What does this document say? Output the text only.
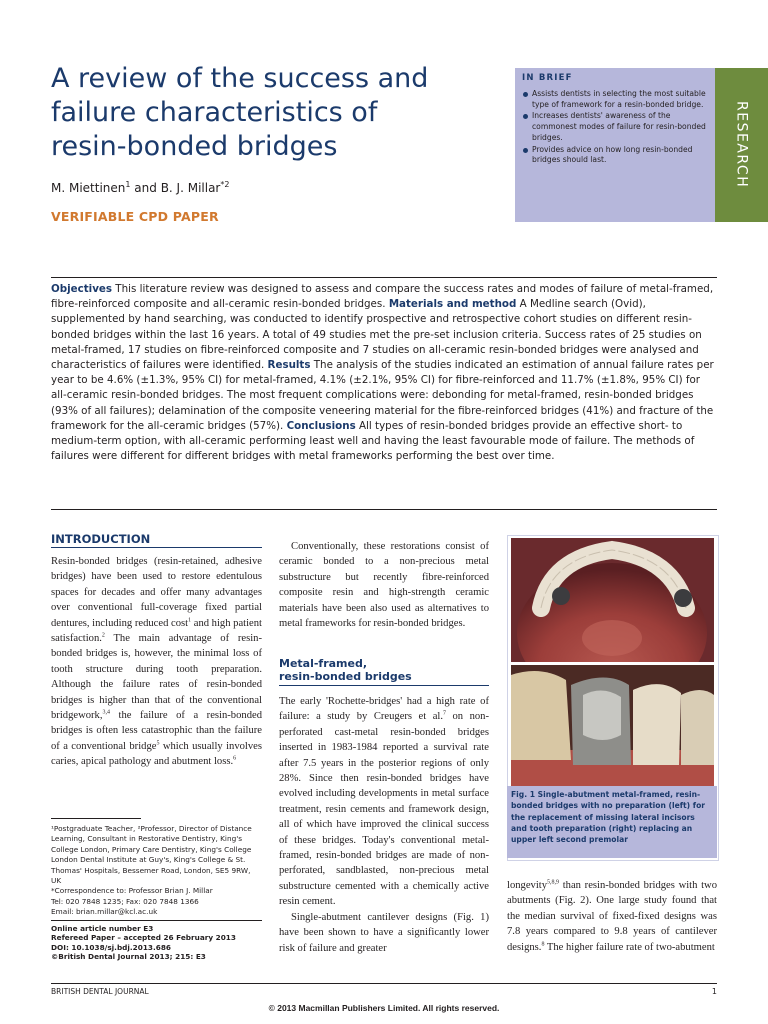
A review of the success and failure characteristics of resin-bonded bridges
M. Miettinen$^1$ and B. J. Millar$^{*2}$
VERIFIABLE CPD PAPER
IN BRIEF
Assists dentists in selecting the most suitable type of framework for a resin-bonded bridge.
Increases dentists' awareness of the commonest modes of failure for resin-bonded bridges.
Provides advice on how long resin-bonded bridges should last.	RESEARCH

Objectives This literature review was designed to assess and compare the success rates and modes of failure of metal-framed, fibre-reinforced composite and all-ceramic resin-bonded bridges. Materials and method A Medline search (Ovid), supplemented by hand searching, was conducted to identify prospective and retrospective cohort studies on different resin-bonded bridges within the last 16 years. A total of 49 studies met the pre-set inclusion criteria. Success rates of 25 studies on metal-framed, 17 studies on fibre-reinforced composite and 7 studies on all-ceramic resin-bonded bridges were analysed and characteristics of failures were identified. Results The analysis of the studies indicated an estimation of annual failure rates per year to be 4.6% (±1.3%, 95% CI) for metal-framed, 4.1% (±2.1%, 95% CI) for fibre-reinforced and 11.7% (±1.8%, 95% CI) for all-ceramic resin-bonded bridges. The most frequent complications were: debonding for metal-framed, resin-bonded bridges (93% of all failures); delamination of the composite veneering material for the fibre-reinforced bridges (41%) and fracture of the framework for the all-ceramic bridges (57%). Conclusions All types of resin-bonded bridges provide an effective short- to medium-term option, with all-ceramic performing least well and having the least favourable mode of failure. The methods of failures were different for different bridges with metal frameworks performing the best over time.

INTRODUCTION

Resin-bonded bridges (resin-retained, adhesive bridges) have been used to restore edentulous spaces for decades and offer many advantages over conventional full-coverage fixed partial dentures, including reduced cost$^1$ and high patient satisfaction.$^2$ The main advantage of resin-bonded bridges is, however, the minimal loss of tooth structure during tooth preparation. Although the failure rates of resin-bonded bridges is higher than that of the conventional bridgework,$^{3,4}$ the failure of a resin-bonded bridges is often less catastrophic than the failure of a conventional bridge$^5$ which usually involves caries, apical pathology and abutment loss.$^6$

¹Postgraduate Teacher, ²Professor, Director of Distance Learning, Consultant in Restorative Dentistry, King's College London, Primary Care Dentistry, King's College London Dental Institute at Guy's, King's College & St. Thomas' Hospitals, Bessemer Road, London, SE5 9RW, UK
*Correspondence to: Professor Brian J. Millar
Tel: 020 7848 1235; Fax: 020 7848 1366
Email: brian.millar@kcl.ac.uk
Online article number E3
Refereed Paper – accepted 26 February 2013
DOI: 10.1038/sj.bdj.2013.686
©British Dental Journal 2013; 215: E3

Conventionally, these restorations consist of ceramic bonded to a non-precious metal substructure but recently fibre-reinforced composite resin and high-strength ceramic materials have been also used as alternatives to metal frameworks for resin-bonded bridges.

Metal-framed,
resin-bonded bridges

The early 'Rochette-bridges' had a high rate of failure: a study by Creugers et al.$^7$ on non-perforated cast-metal resin-bonded bridges inserted in 1983-1984 reported a survival rate after 7.5 years in the posterior regions of only 28%. Since then resin-bonded bridges have evolved including developments in metal surface treatment, resin cements and framework design, all of which have improved the clinical success of these bridges. Today's conventional metal-framed, resin-bonded bridges are made of non-perforated, sandblasted, non-precious metal substructure cemented with a chemically active resin cement.
Single-abutment cantilever designs (Fig. 1) have been shown to have a significantly lower risk of failure and greater

Fig. 1 Single-abutment metal-framed, resin-bonded bridges with no preparation (left) for the replacement of missing lateral incisors and tooth preparation (right) replacing an upper left second premolar

longevity$^{5,8,9}$ than resin-bonded bridges with two abutments (Fig. 2). One large study found that the median survival of fixed-fixed designs was 7.8 years compared to 9.8 years of cantilever designs.$^8$ The higher failure rate of two-abutment

BRITISH DENTAL JOURNAL	1
© 2013 Macmillan Publishers Limited. All rights reserved.
